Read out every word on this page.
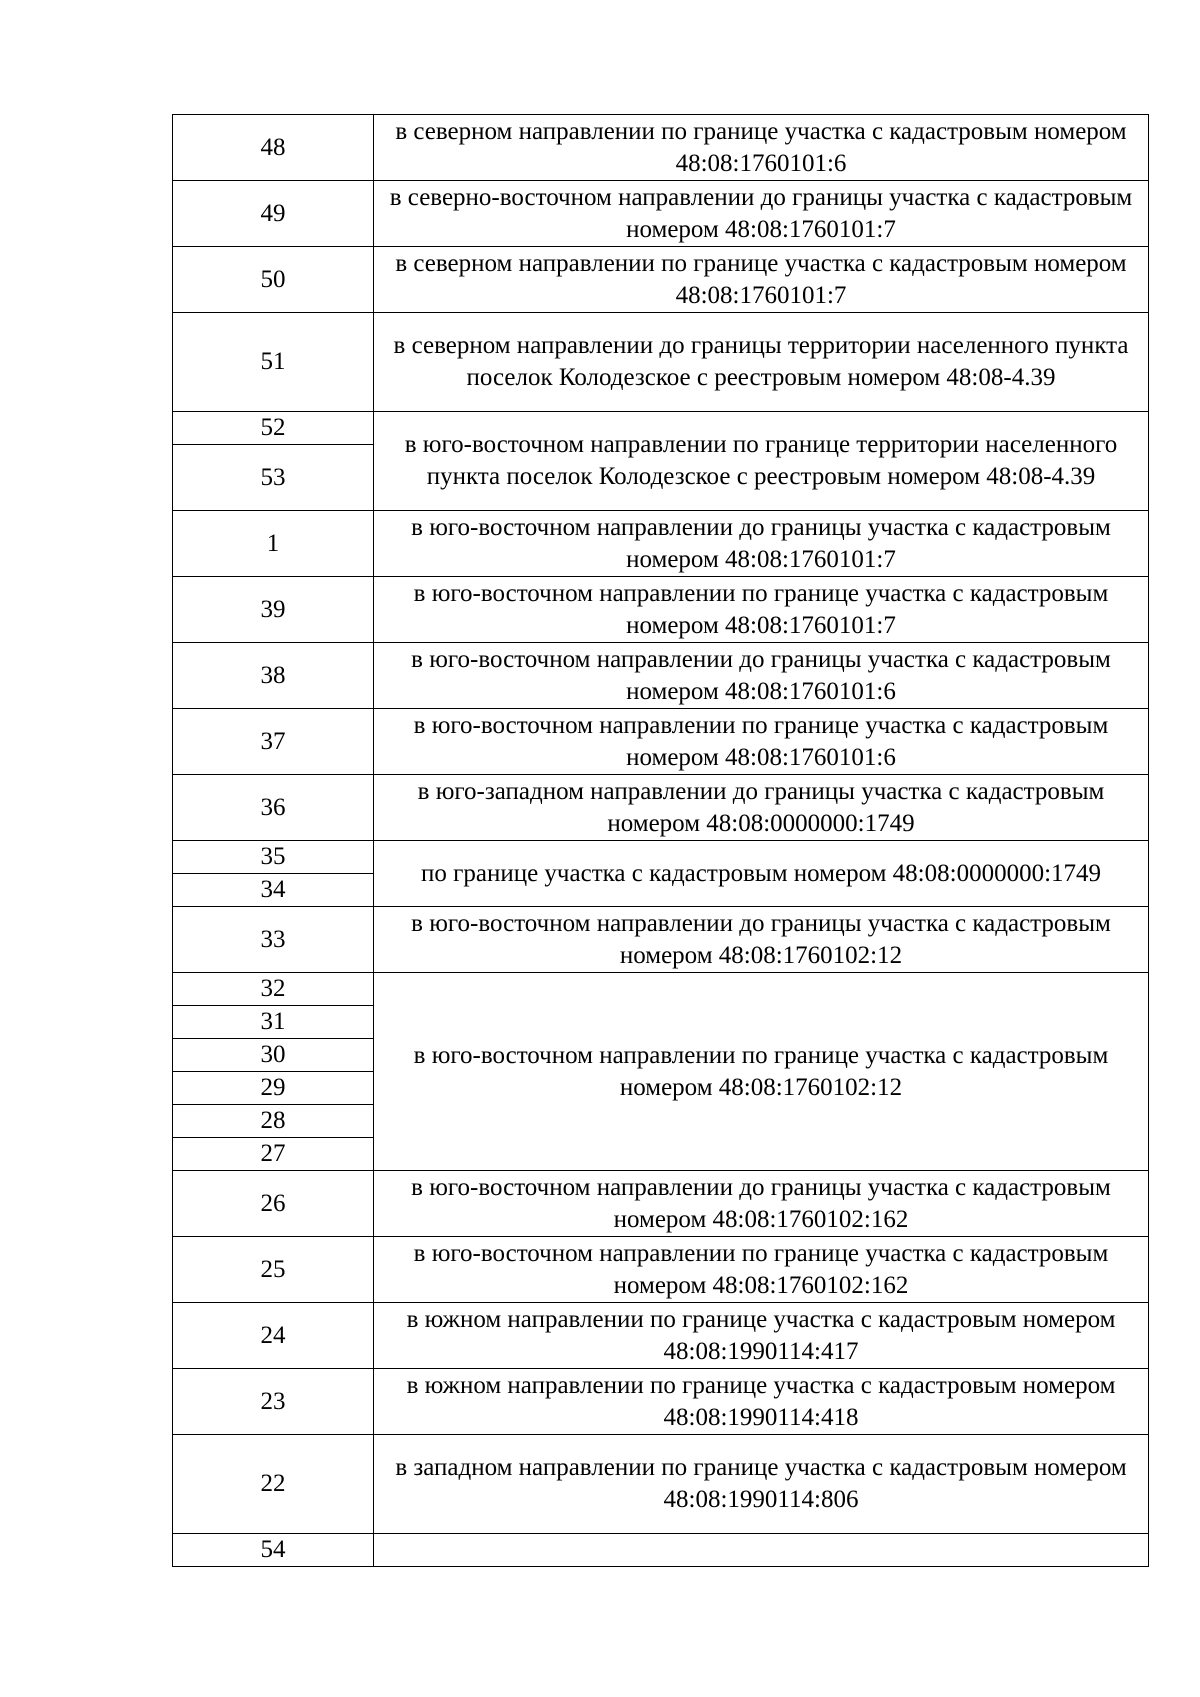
48	в северном направлении по границе участка с кадастровым номером 48:08:1760101:6
49	в северно-восточном направлении до границы участка с кадастровым номером 48:08:1760101:7
50	в северном направлении по границе участка с кадастровым номером 48:08:1760101:7
51	в северном направлении до границы территории населенного пункта поселок Колодезское с реестровым номером 48:08-4.39
52	в юго-восточном направлении по границе территории населенного пункта поселок Колодезское с реестровым номером 48:08-4.39
53	
1	в юго-восточном направлении до границы участка с кадастровым номером 48:08:1760101:7
39	в юго-восточном направлении по границе участка с кадастровым номером 48:08:1760101:7
38	в юго-восточном направлении до границы участка с кадастровым номером 48:08:1760101:6
37	в юго-восточном направлении по границе участка с кадастровым номером 48:08:1760101:6
36	в юго-западном направлении до границы участка с кадастровым номером 48:08:0000000:1749
35	по границе участка с кадастровым номером 48:08:0000000:1749
34	
33	в юго-восточном направлении до границы участка с кадастровым номером 48:08:1760102:12
32	в юго-восточном направлении по границе участка с кадастровым номером 48:08:1760102:12
31	
30	
29	
28	
27	
26	в юго-восточном направлении до границы участка с кадастровым номером 48:08:1760102:162
25	в юго-восточном направлении по границе участка с кадастровым номером 48:08:1760102:162
24	в южном направлении по границе участка с кадастровым номером 48:08:1990114:417
23	в южном направлении по границе участка с кадастровым номером 48:08:1990114:418
22	в западном направлении по границе участка с кадастровым номером 48:08:1990114:806
54	
